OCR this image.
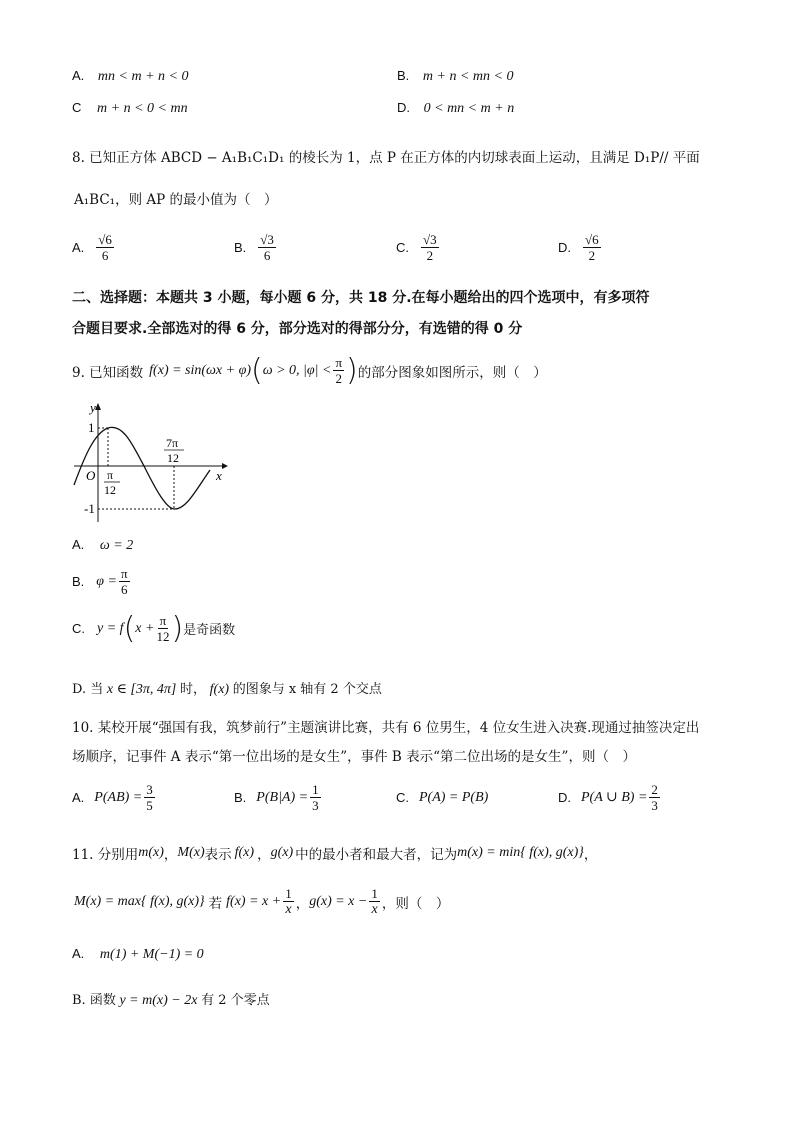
A. mn < m + n < 0	B. m + n < mn < 0
C m + n < 0 < mn	D. 0 < mn < m + n
8. 已知正方体 ABCD − A₁B₁C₁D₁ 的棱长为 1，点 P 在正方体的内切球表面上运动，且满足 D₁P// 平面
A₁BC₁，则 AP 的最小值为（　）
A. $\frac{√6}{6}$	B. $\frac{√3}{6}$	C. $\frac{√3}{2}$	D. $\frac{√6}{2}$
二、选择题：本题共 3 小题，每小题 6 分，共 18 分.在每小题给出的四个选项中，有多项符
合题目要求.全部选对的得 6 分，部分选对的得部分分，有选错的得 0 分
9. 已知函数 f(x) = sin(ωx + φ) ( ω > 0, $|\varphi| < \frac{\pi}{2}$ ) 的部分图象如图所示，则（　）
y
x
O
1
-1
π
12
7π
12
A. ω = 2
B. $\varphi = \frac{\pi}{6}$
C. y = f ( $x + \frac{\pi}{12}$ ) 是奇函数
D. 当 x ∈ [3π, 4π] 时， f(x) 的图象与 x 轴有 2 个交点
10. 某校开展“强国有我，筑梦前行”主题演讲比赛，共有 6 位男生，4 位女生进入决赛.现通过抽签决定出
场顺序，记事件 A 表示“第一位出场的是女生”，事件 B 表示“第二位出场的是女生”，则（　）
A. $P(AB) = \frac{3}{5}$	B. $P(B|A) = \frac{1}{3}$	C. P(A) = P(B)	D. P(A ∪ $B) = \frac{2}{3}$
11. 分别用 m(x) ， M(x) 表示 f(x) ， g(x) 中的最小者和最大者，记为 m(x) = min{ f(x), g(x)} ，
M(x) = max{ f(x), g(x)} 若 $f(x) = x + \frac{1}{x}$ ， $g(x) = x - \frac{1}{x}$ ，则（　）
A. m(1) + M(−1) = 0
B. 函数 y = m(x) − 2x 有 2 个零点
